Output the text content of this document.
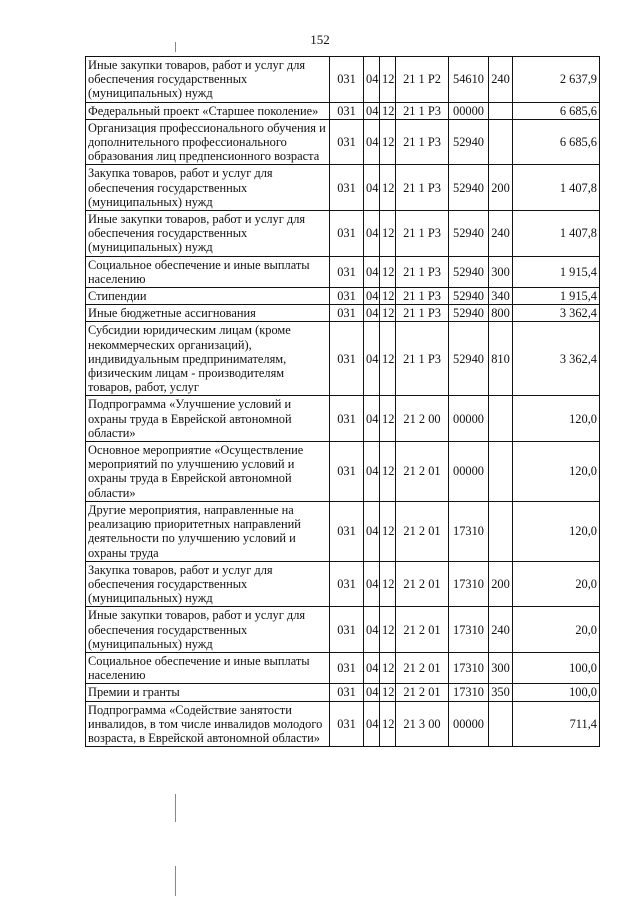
152
Иные закупки товаров, работ и услуг для обеспечения государственных (муниципальных) нужд	031	04	12	21 1 Р2	54610	240	2 637,9
Федеральный проект «Старшее поколение»	031	04	12	21 1 Р3	00000		6 685,6
Организация профессионального обучения и дополнительного профессионального образования лиц предпенсионного возраста	031	04	12	21 1 Р3	52940		6 685,6
Закупка товаров, работ и услуг для обеспечения государственных (муниципальных) нужд	031	04	12	21 1 Р3	52940	200	1 407,8
Иные закупки товаров, работ и услуг для обеспечения государственных (муниципальных) нужд	031	04	12	21 1 Р3	52940	240	1 407,8
Социальное обеспечение и иные выплаты населению	031	04	12	21 1 Р3	52940	300	1 915,4
Стипендии	031	04	12	21 1 Р3	52940	340	1 915,4
Иные бюджетные ассигнования	031	04	12	21 1 Р3	52940	800	3 362,4
Субсидии юридическим лицам (кроме некоммерческих организаций), индивидуальным предпринимателям, физическим лицам - производителям товаров, работ, услуг	031	04	12	21 1 Р3	52940	810	3 362,4
Подпрограмма «Улучшение условий и охраны труда в Еврейской автономной области»	031	04	12	21 2 00	00000		120,0
Основное мероприятие «Осуществление мероприятий по улучшению условий и охраны труда в Еврейской автономной области»	031	04	12	21 2 01	00000		120,0
Другие мероприятия, направленные на реализацию приоритетных направлений деятельности по улучшению условий и охраны труда	031	04	12	21 2 01	17310		120,0
Закупка товаров, работ и услуг для обеспечения государственных (муниципальных) нужд	031	04	12	21 2 01	17310	200	20,0
Иные закупки товаров, работ и услуг для обеспечения государственных (муниципальных) нужд	031	04	12	21 2 01	17310	240	20,0
Социальное обеспечение и иные выплаты населению	031	04	12	21 2 01	17310	300	100,0
Премии и гранты	031	04	12	21 2 01	17310	350	100,0
Подпрограмма «Содействие занятости инвалидов, в том числе инвалидов молодого возраста, в Еврейской автономной области»	031	04	12	21 3 00	00000		711,4
